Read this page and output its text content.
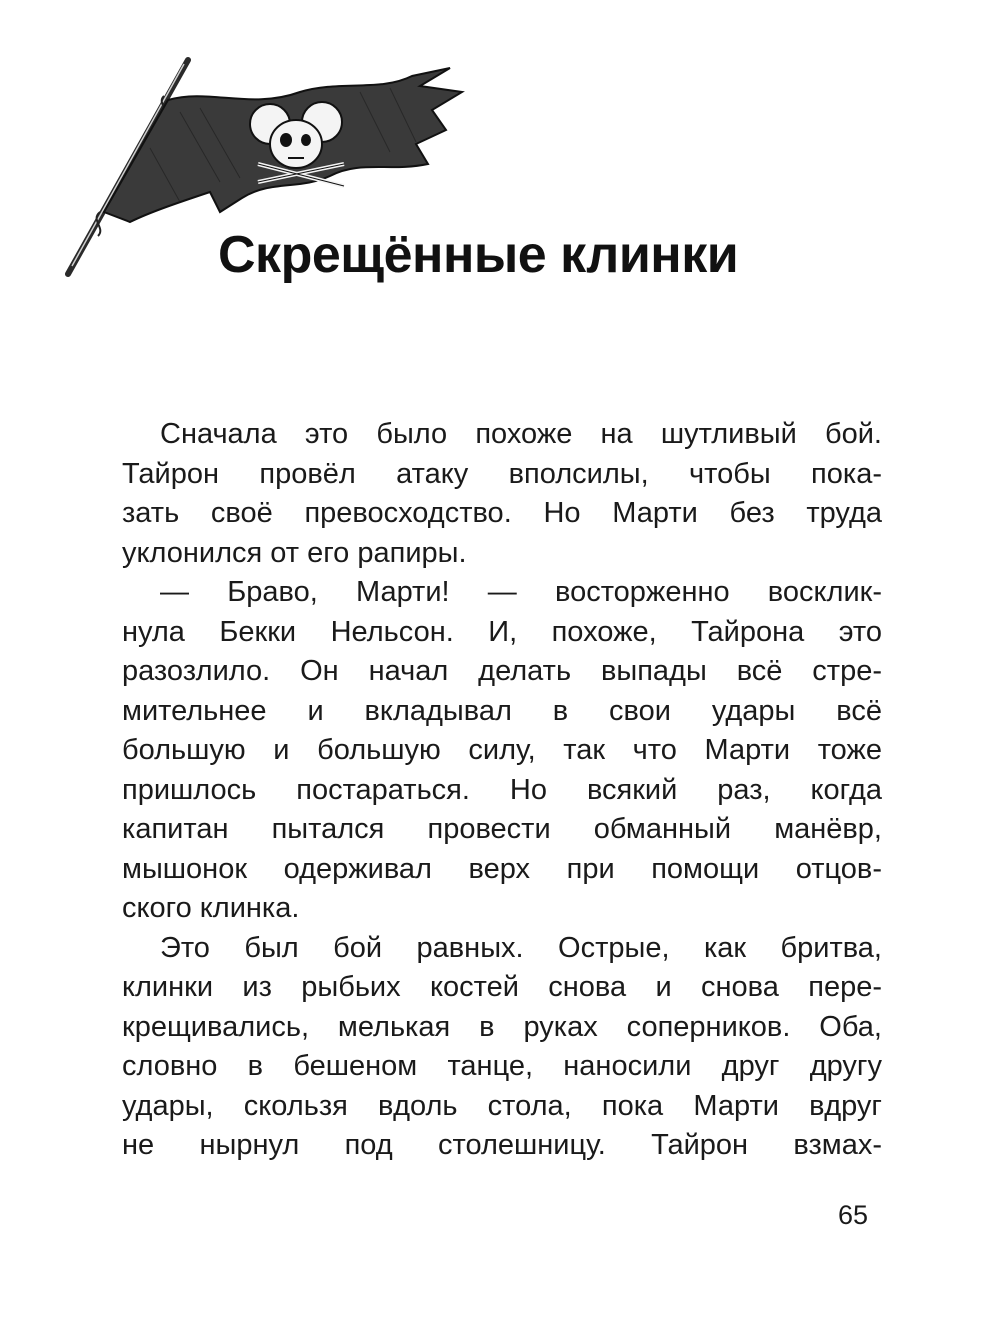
Скрещённые клинки
Сначала это было похоже на шутливый бой.
Тайрон провёл атаку вполсилы, чтобы пока-
зать своё превосходство. Но Марти без труда
уклонился от его рапиры.
— Браво, Марти! — восторженно восклик-
нула Бекки Нельсон. И, похоже, Тайрона это
разозлило. Он начал делать выпады всё стре-
мительнее и вкладывал в свои удары всё
большую и большую силу, так что Марти тоже
пришлось постараться. Но всякий раз, когда
капитан пытался провести обманный манёвр,
мышонок одерживал верх при помощи отцов-
ского клинка.
Это был бой равных. Острые, как бритва,
клинки из рыбьих костей снова и снова пере-
крещивались, мелькая в руках соперников. Оба,
словно в бешеном танце, наносили друг другу
удары, скользя вдоль стола, пока Марти вдруг
не нырнул под столешницу. Тайрон взмах-
65
